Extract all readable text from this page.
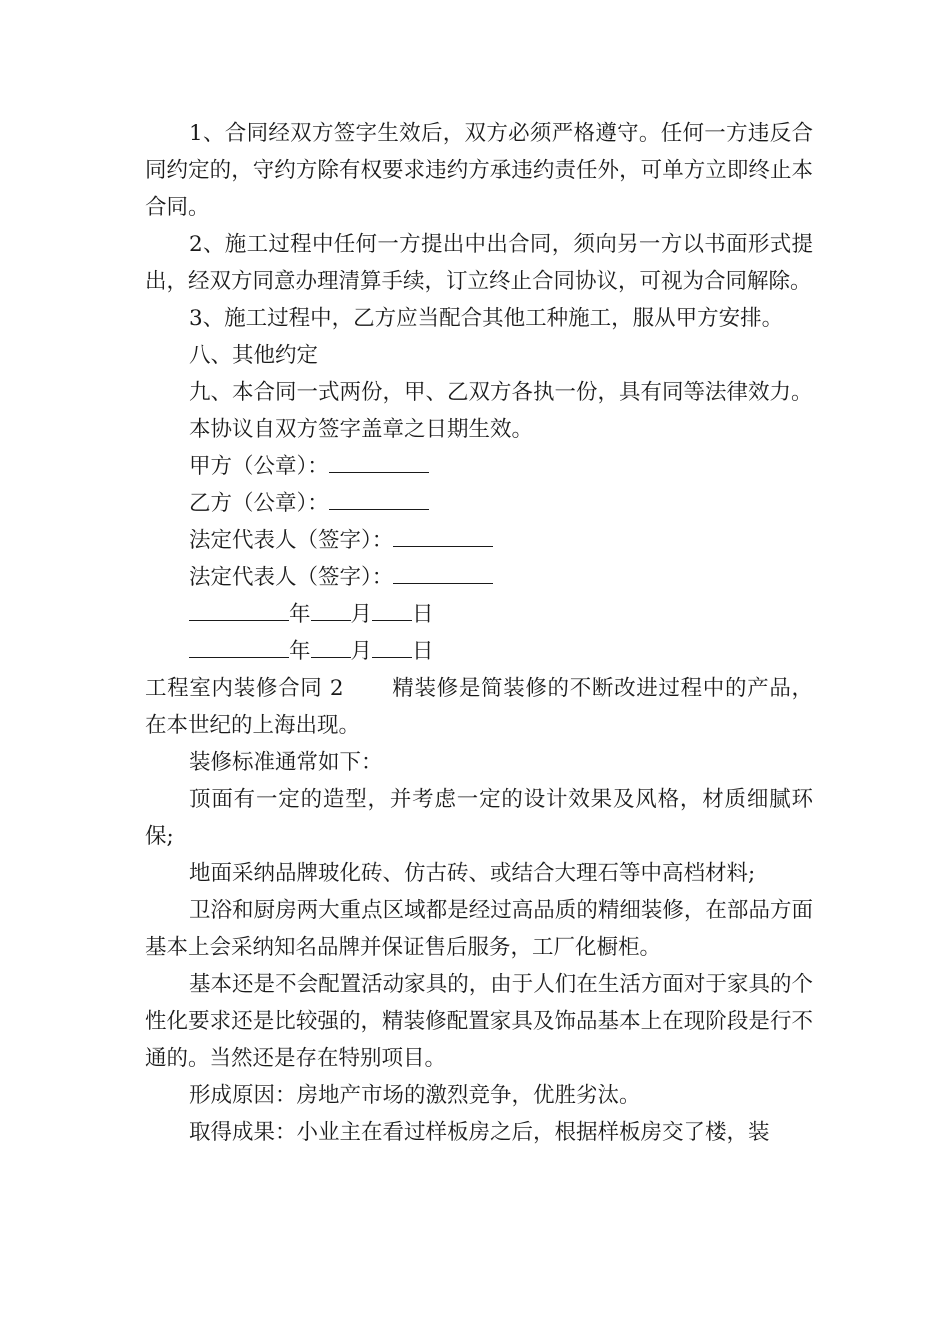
1、合同经双方签字生效后，双方必须严格遵守。任何一方违反合同约定的，守约方除有权要求违约方承违约责任外，可单方立即终止本合同。

2、施工过程中任何一方提出中出合同，须向另一方以书面形式提出，经双方同意办理清算手续，订立终止合同协议，可视为合同解除。

3、施工过程中，乙方应当配合其他工种施工，服从甲方安排。

八、其他约定

九、本合同一式两份，甲、乙双方各执一份，具有同等法律效力。

本协议自双方签字盖章之日期生效。

甲方（公章）：

乙方（公章）：

法定代表人（签字）：

法定代表人（签字）：

年 月 日

年 月 日

工程室内装修合同 2 精装修是简装修的不断改进过程中的产品，在本世纪的上海出现。

装修标准通常如下：

顶面有一定的造型，并考虑一定的设计效果及风格，材质细腻环保;

地面采纳品牌玻化砖、仿古砖、或结合大理石等中高档材料;

卫浴和厨房两大重点区域都是经过高品质的精细装修，在部品方面基本上会采纳知名品牌并保证售后服务，工厂化橱柜。

基本还是不会配置活动家具的，由于人们在生活方面对于家具的个性化要求还是比较强的，精装修配置家具及饰品基本上在现阶段是行不通的。当然还是存在特别项目。

形成原因：房地产市场的激烈竞争，优胜劣汰。

取得成果：小业主在看过样板房之后，根据样板房交了楼，装
